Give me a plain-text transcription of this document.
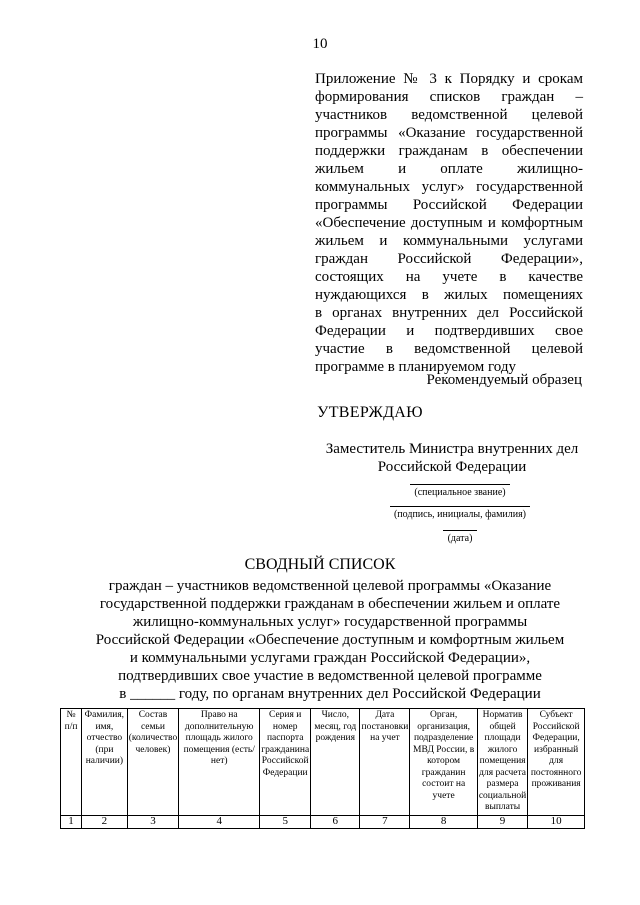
10
Приложение № 3 к Порядку и срокам
формирования списков граждан –
участников ведомственной целевой
программы «Оказание государственной
поддержки гражданам в обеспечении
жильем и оплате жилищно-
коммунальных услуг» государственной
программы Российской Федерации
«Обеспечение доступным и комфортным
жильем и коммунальными услугами
граждан Российской Федерации»,
состоящих на учете в качестве
нуждающихся в жилых помещениях
в органах внутренних дел Российской
Федерации и подтвердивших свое
участие в ведомственной целевой
программе в планируемом году
Рекомендуемый образец
УТВЕРЖДАЮ
Заместитель Министра внутренних дел
Российской Федерации
(специальное звание)
(подпись, инициалы, фамилия)
(дата)
СВОДНЫЙ СПИСОК
граждан – участников ведомственной целевой программы «Оказание
государственной поддержки гражданам в обеспечении жильем и оплате
жилищно-коммунальных услуг» государственной программы
Российской Федерации «Обеспечение доступным и комфортным жильем
и коммунальными услугами граждан Российской Федерации»,
подтвердивших свое участие в ведомственной целевой программе
в ______ году, по органам внутренних дел Российской Федерации
№ п/п	Фамилия, имя, отчество (при наличии)	Состав семьи (количество человек)	Право на дополнительную площадь жилого помещения (есть/нет)	Серия и номер паспорта гражданина Российской Федерации	Число, месяц, год рождения	Дата постановки на учет	Орган, организация, подразделение МВД России, в котором гражданин состоит на учете	Норматив общей площади жилого помещения для расчета размера социальной выплаты	Субъект Российской Федерации, избранный для постоянного проживания
1	2	3	4	5	6	7	8	9	10
